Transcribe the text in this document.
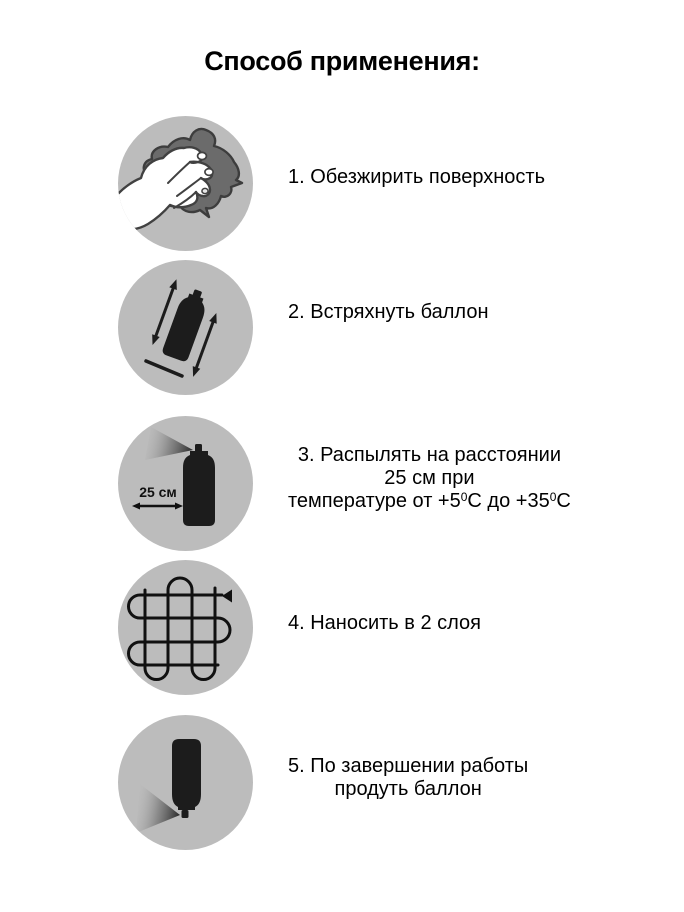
Способ применения:
1. Обезжирить поверхность
2. Встряхнуть баллон
25 см
3. Распылять на расстоянии
25 см при
температуре от $+5^0С$ до $+35^0С$
4. Наносить в 2 слоя
5. По завершении работы
продуть баллон
